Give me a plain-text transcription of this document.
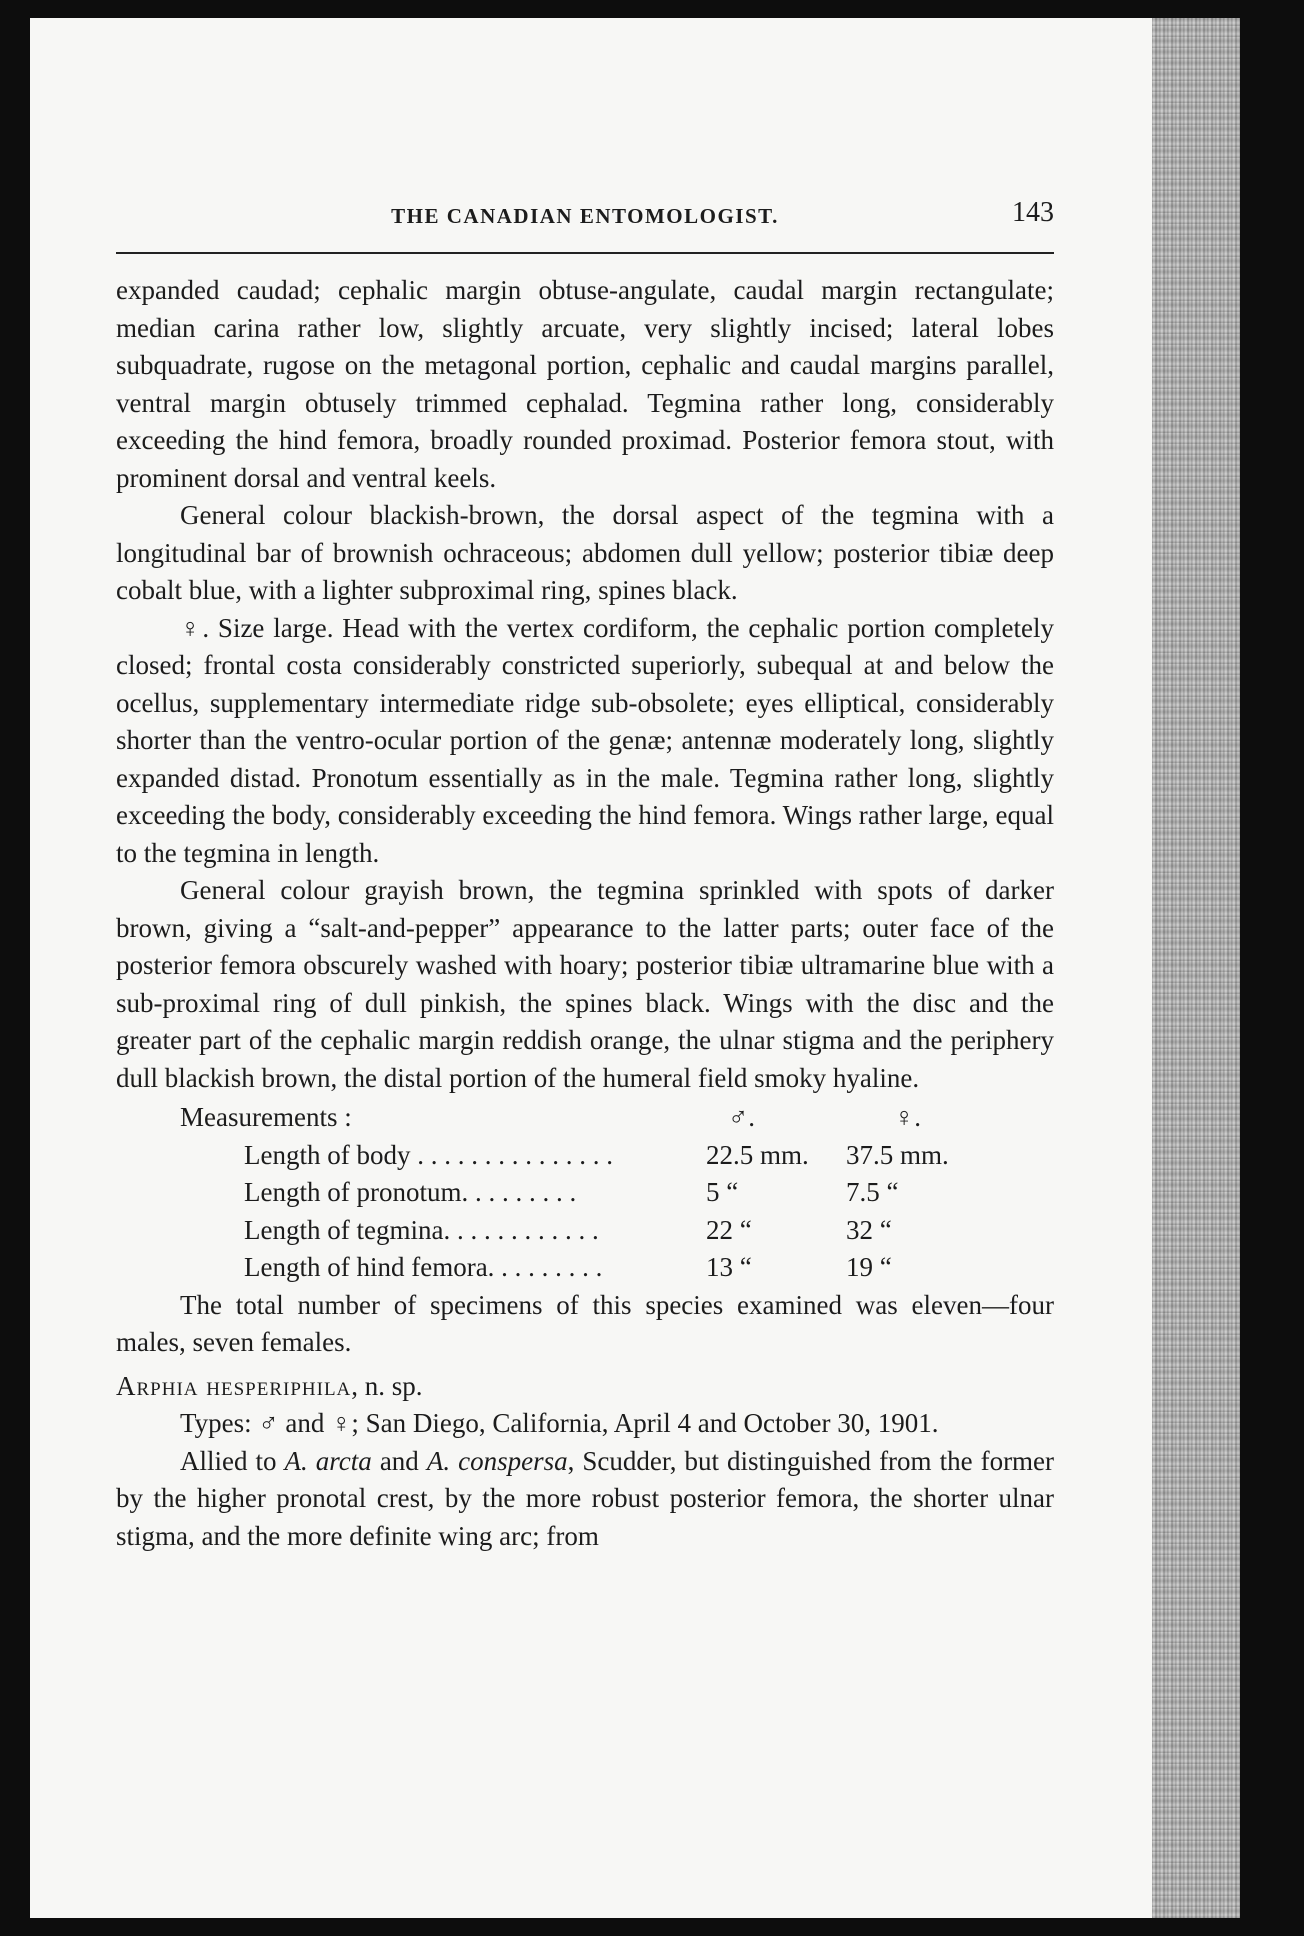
THE CANADIAN ENTOMOLOGIST.	143

expanded caudad; cephalic margin obtuse-angulate, caudal margin rectangulate; median carina rather low, slightly arcuate, very slightly incised; lateral lobes subquadrate, rugose on the metagonal portion, cephalic and caudal margins parallel, ventral margin obtusely trimmed cephalad. Tegmina rather long, considerably exceeding the hind femora, broadly rounded proximad. Posterior femora stout, with prominent dorsal and ventral keels.

General colour blackish-brown, the dorsal aspect of the tegmina with a longitudinal bar of brownish ochraceous; abdomen dull yellow; posterior tibiæ deep cobalt blue, with a lighter subproximal ring, spines black.

♀. Size large. Head with the vertex cordiform, the cephalic portion completely closed; frontal costa considerably constricted superiorly, subequal at and below the ocellus, supplementary intermediate ridge sub-obsolete; eyes elliptical, considerably shorter than the ventro-ocular portion of the genæ; antennæ moderately long, slightly expanded distad. Pronotum essentially as in the male. Tegmina rather long, slightly exceeding the body, considerably exceeding the hind femora. Wings rather large, equal to the tegmina in length.

General colour grayish brown, the tegmina sprinkled with spots of darker brown, giving a “salt-and-pepper” appearance to the latter parts; outer face of the posterior femora obscurely washed with hoary; posterior tibiæ ultramarine blue with a sub-proximal ring of dull pinkish, the spines black. Wings with the disc and the greater part of the cephalic margin reddish orange, the ulnar stigma and the periphery dull blackish brown, the distal portion of the humeral field smoky hyaline.

Measurements :	♂.	♀.
Length of body . . . . . . . . . . . . . . .	22.5 mm. 37.5 mm.
Length of pronotum. . . . . . . . .	5 “	7.5 “
Length of tegmina. . . . . . . . . . . .	22 “	32 “
Length of hind femora. . . . . . . . .	13 “	19 “

The total number of specimens of this species examined was eleven—four males, seven females.

Arphia hesperiphila, n. sp.

Types: ♂ and ♀; San Diego, California, April 4 and October 30, 1901.

Allied to A. arcta and A. conspersa, Scudder, but distinguished from the former by the higher pronotal crest, by the more robust posterior femora, the shorter ulnar stigma, and the more definite wing arc; from
